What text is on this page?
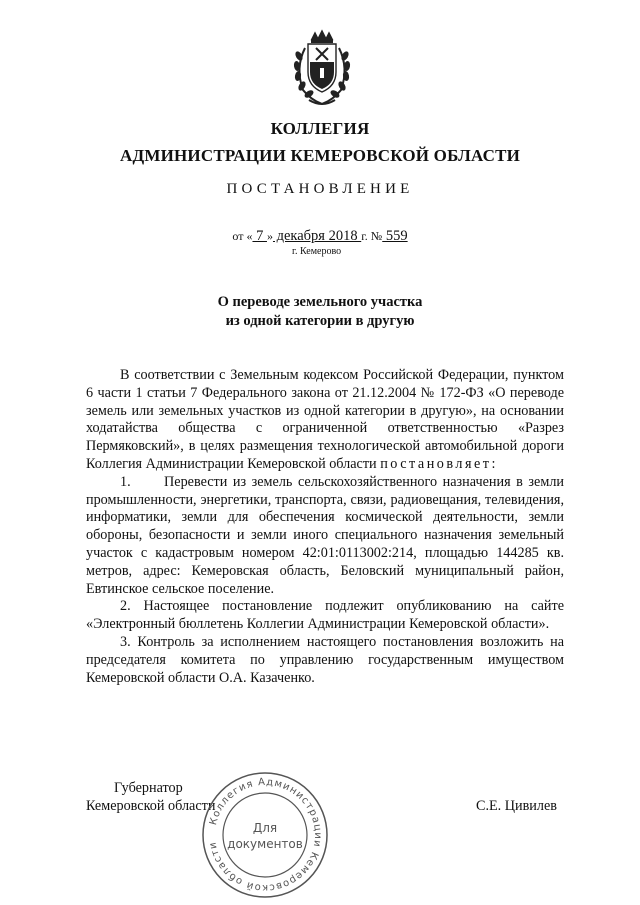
КОЛЛЕГИЯ
АДМИНИСТРАЦИИ КЕМЕРОВСКОЙ ОБЛАСТИ
ПОСТАНОВЛЕНИЕ
от « 7 » декабря 2018 г. № 559
г. Кемерово
О переводе земельного участка
из одной категории в другую

В соответствии с Земельным кодексом Российской Федерации, пунктом 6 части 1 статьи 7 Федерального закона от 21.12.2004 № 172-ФЗ «О переводе земель или земельных участков из одной категории в другую», на основании ходатайства общества с ограниченной ответственностью «Разрез Пермяковский», в целях размещения технологической автомобильной дороги Коллегия Администрации Кемеровской области постановляет:

1.      Перевести из земель сельскохозяйственного назначения в земли промышленности, энергетики, транспорта, связи, радиовещания, телевидения, информатики, земли для обеспечения космической деятельности, земли обороны, безопасности и земли иного специального назначения земельный участок с кадастровым номером 42:01:0113002:214, площадью 144285 кв. метров, адрес: Кемеровская область, Беловский муниципальный район, Евтинское сельское поселение.

2. Настоящее постановление подлежит опубликованию на сайте «Электронный бюллетень Коллегии Администрации Кемеровской области».

3. Контроль за исполнением настоящего постановления возложить на председателя комитета по управлению государственным имуществом Кемеровской области О.А. Казаченко.

Губернатор
Кемеровской области	С.Е. Цивилев
Коллегия Администрации Кемеровской области
Для
документов
